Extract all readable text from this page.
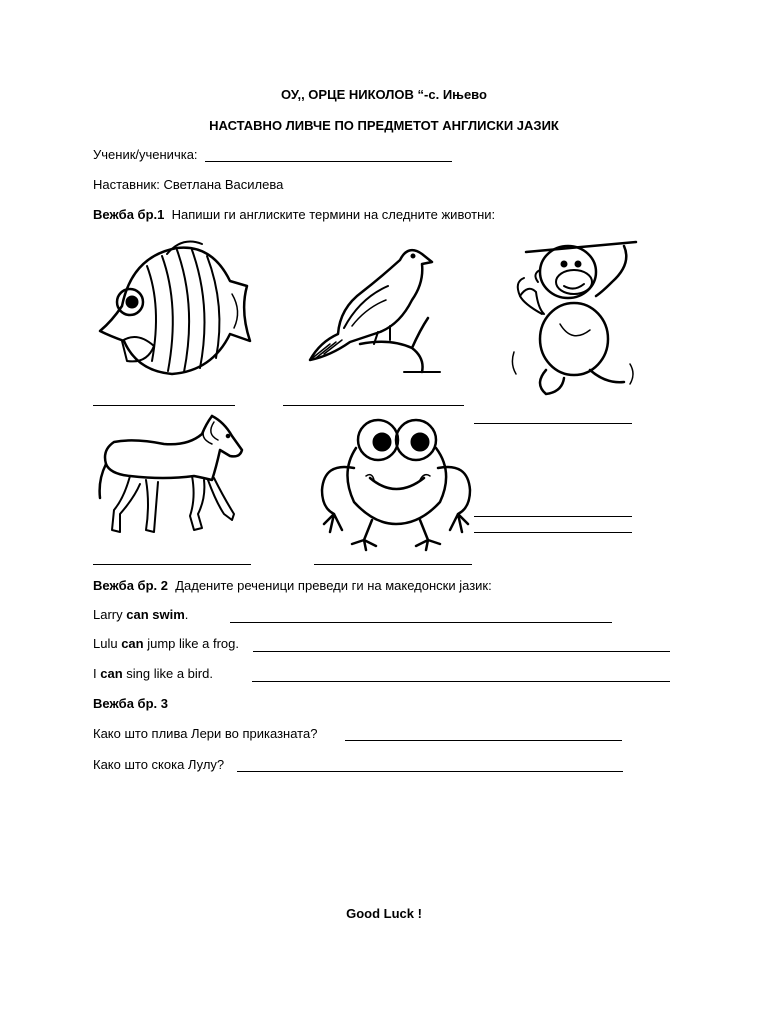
ОУ,, ОРЦЕ НИКОЛОВ “-с. Ињево
НАСТАВНО ЛИВЧЕ ПО ПРЕДМЕТОТ АНГЛИСКИ ЈАЗИК
Ученик/ученичка:
Наставник: Светлана Василева
Вежба бр.1 Напиши ги англиските термини на следните животни:
Вежба бр. 2 Дадените реченици преведи ги на македонски јазик:
Larry can swim.
Lulu can jump like a frog.
I can sing like a bird.
Вежба бр. 3
Како што плива Лери во приказната?
Како што скока Лулу?
Good Luck !
